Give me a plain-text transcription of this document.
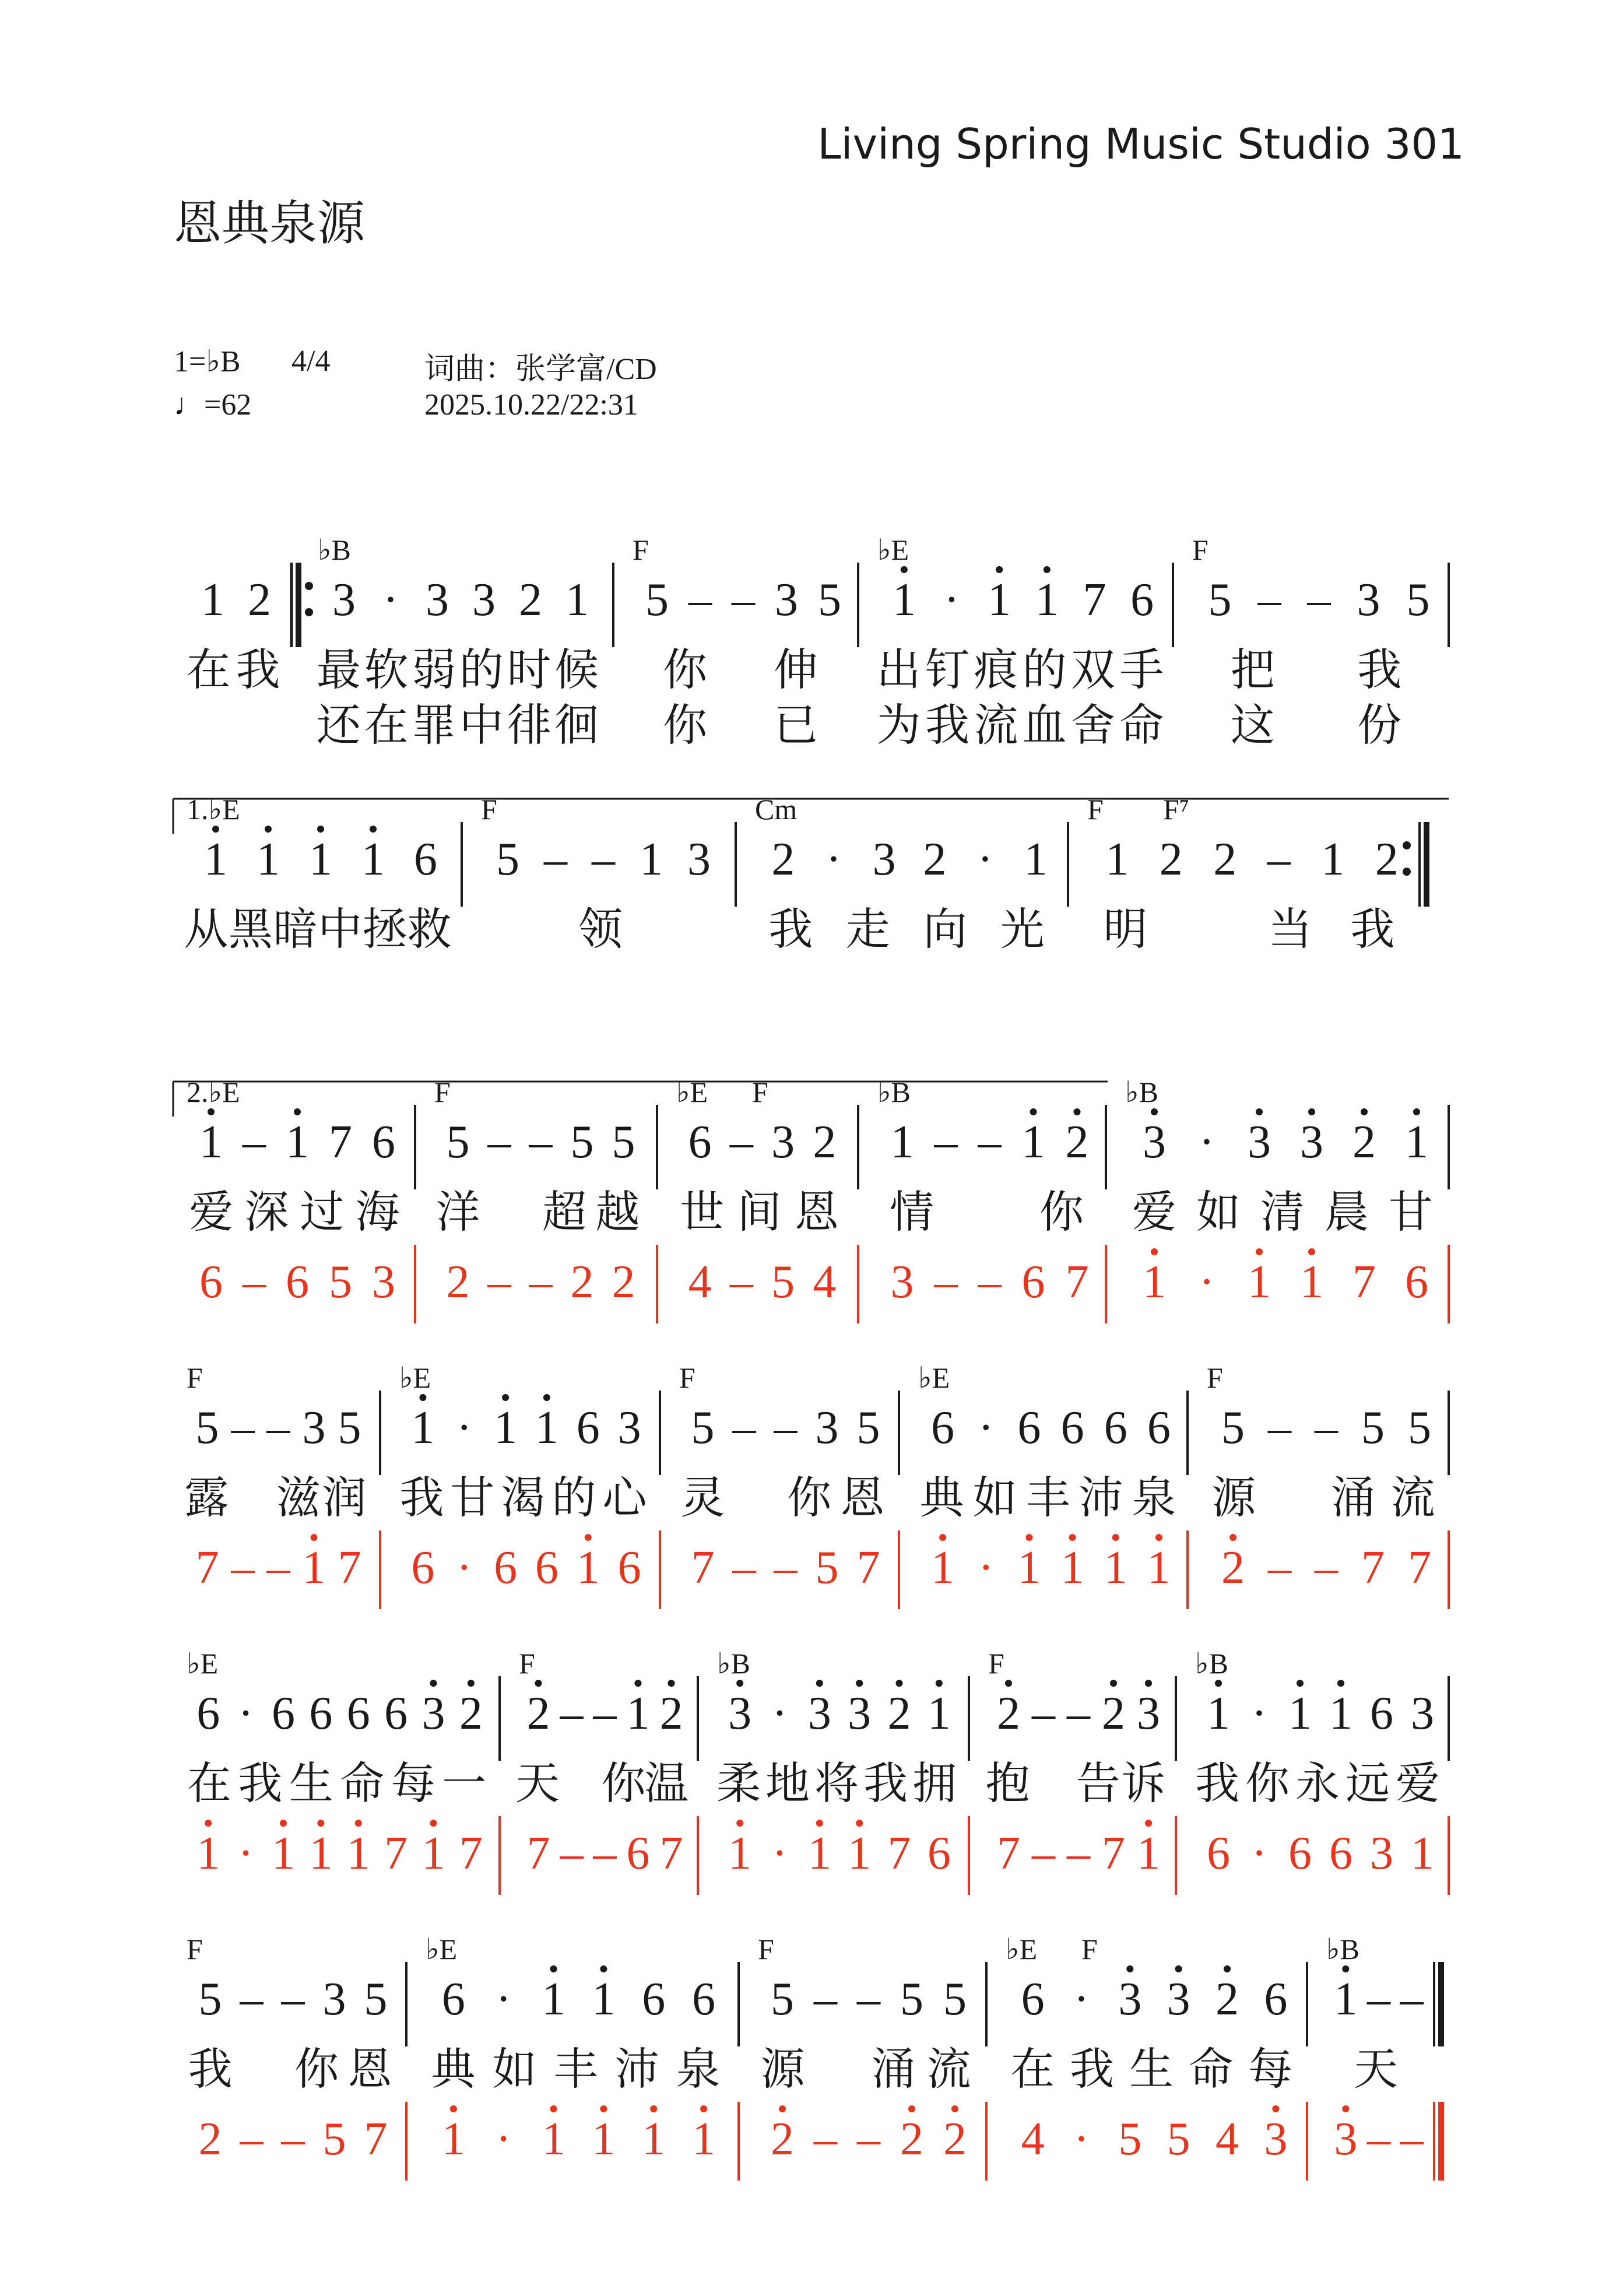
Living Spring Music Studio 301
恩典泉源
1=♭B 4/4
♩=62
词曲：张学富/CD
2025.10.22/22:31
1 2
在 我
♭B
3 · 3 3 2 1
最 软 弱 的 时 候
还 在 罪 中 徘 徊
F
5 – – 3 5
你 伸
你 已
♭E
1 · 1 1 7 6
出 钉 痕 的 双 手
为 我 流 血 舍 命
F
5 – – 3 5
把 我
这 份
1.♭E
1 1 1 1 6
从 黑 暗 中 拯 救
F
5 – – 1 3
领
Cm
2 · 3 2 · 1
我 走 向 光
F F⁷
1 2 2 – 1 2
明	当 我
2.♭E
1 – 1 7 6
爱 深 过 海
6 – 6 5 3
F
5 – – 5 5
洋 超 越
2 – – 2 2
♭E F
6 – 3 2
世 间 恩
4 – 5 4
♭B
1 – – 1 2
情 你
3 – – 6 7
♭B
3 · 3 3 2 1
爱 如 清 晨 甘
1 · 1 1 7 6
F
5 – – 3 5
露 滋 润
7 – – 1 7
♭E
1 · 1 1 6 3
我 甘 渴 的 心
6 · 6 6 1 6
F
5 – – 3 5
灵 你 恩
7 – – 5 7
♭E
6 · 6 6 6 6
典 如 丰 沛 泉
1 · 1 1 1 1
F
5 – – 5 5
源 涌 流
2 – – 7 7
♭E
6 · 6 6 6 6 3 2
在 我 生 命 每 一
1 · 1 1 1 7 1 7
F
2 – – 1 2
天 你
温
7 – – 6 7
♭B
3 · 3 3 2 1
柔 地 将 我 拥
1 · 1 1 7 6
F
2 – – 2 3
抱 告 诉
7 – – 7 1
♭B
1 · 1 1 6 3
我 你 永 远 爱
6 · 6 6 3 1
F
5 – – 3 5
我 你 恩
2 – – 5 7
♭E
6 · 1 1 6 6
典 如 丰 沛 泉
1 · 1 1 1 1
F
5 – – 5 5
源 涌 流
2 – – 2 2
♭E F
6 · 3 3 2 6
在 我 生 命 每
4 · 5 5 4 3
♭B
1 – –
天
3 – –
